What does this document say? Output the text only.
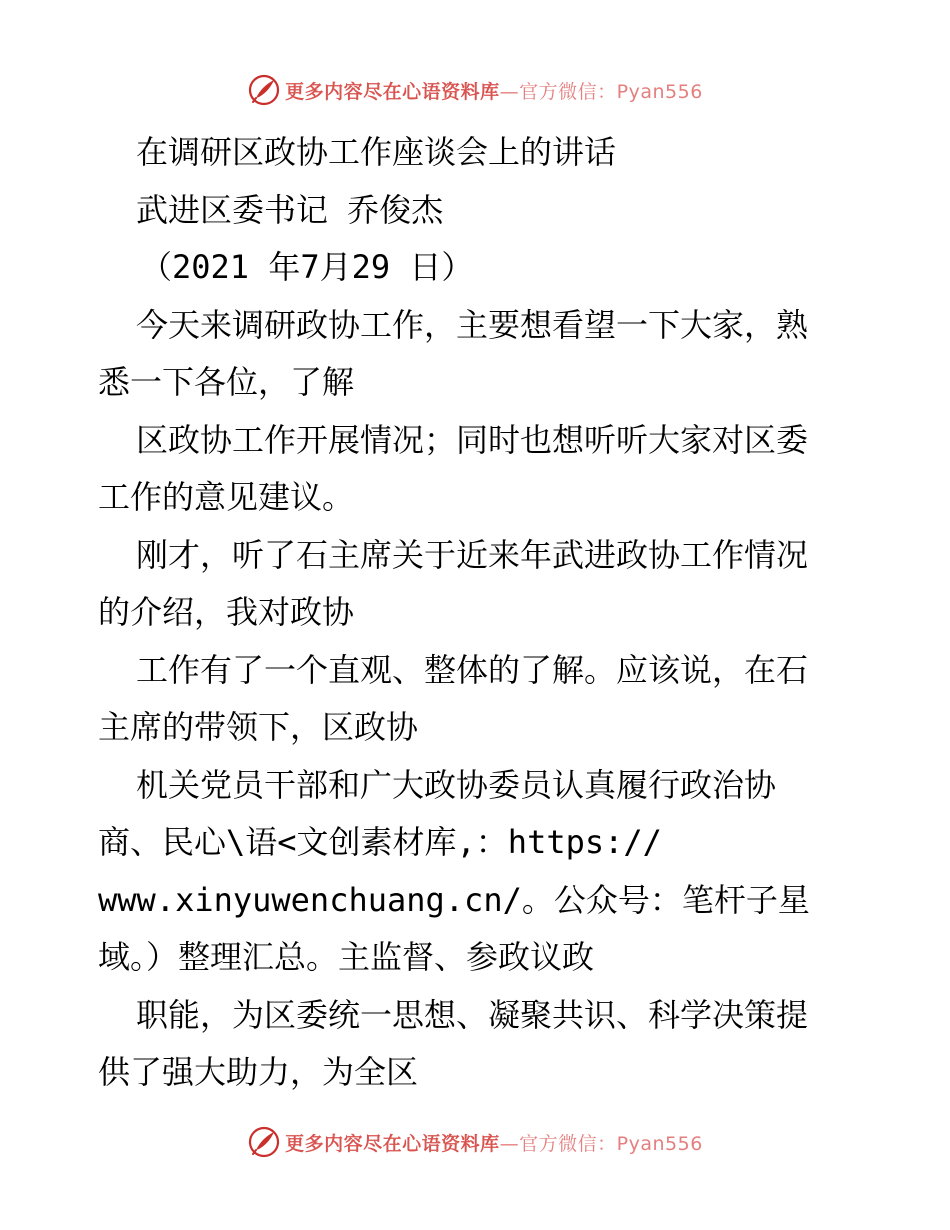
更多内容尽在心语资料库—官方微信：Pyan556
在调研区政协工作座谈会上的讲话
武进区委书记 乔俊杰
（2021 年7月29 日）
今天来调研政协工作，主要想看望一下大家，熟
悉一下各位，了解
区政协工作开展情况；同时也想听听大家对区委
工作的意见建议。
刚才，听了石主席关于近来年武进政协工作情况
的介绍，我对政协
工作有了一个直观、整体的了解。应该说，在石
主席的带领下，区政协
机关党员干部和广大政协委员认真履行政治协
商、民心\语<文创素材库,：https://
www.xinyuwenchuang.cn/。公众号：笔杆子星
域。）整理汇总。主监督、参政议政
职能，为区委统一思想、凝聚共识、科学决策提
供了强大助力，为全区
更多内容尽在心语资料库—官方微信：Pyan556
